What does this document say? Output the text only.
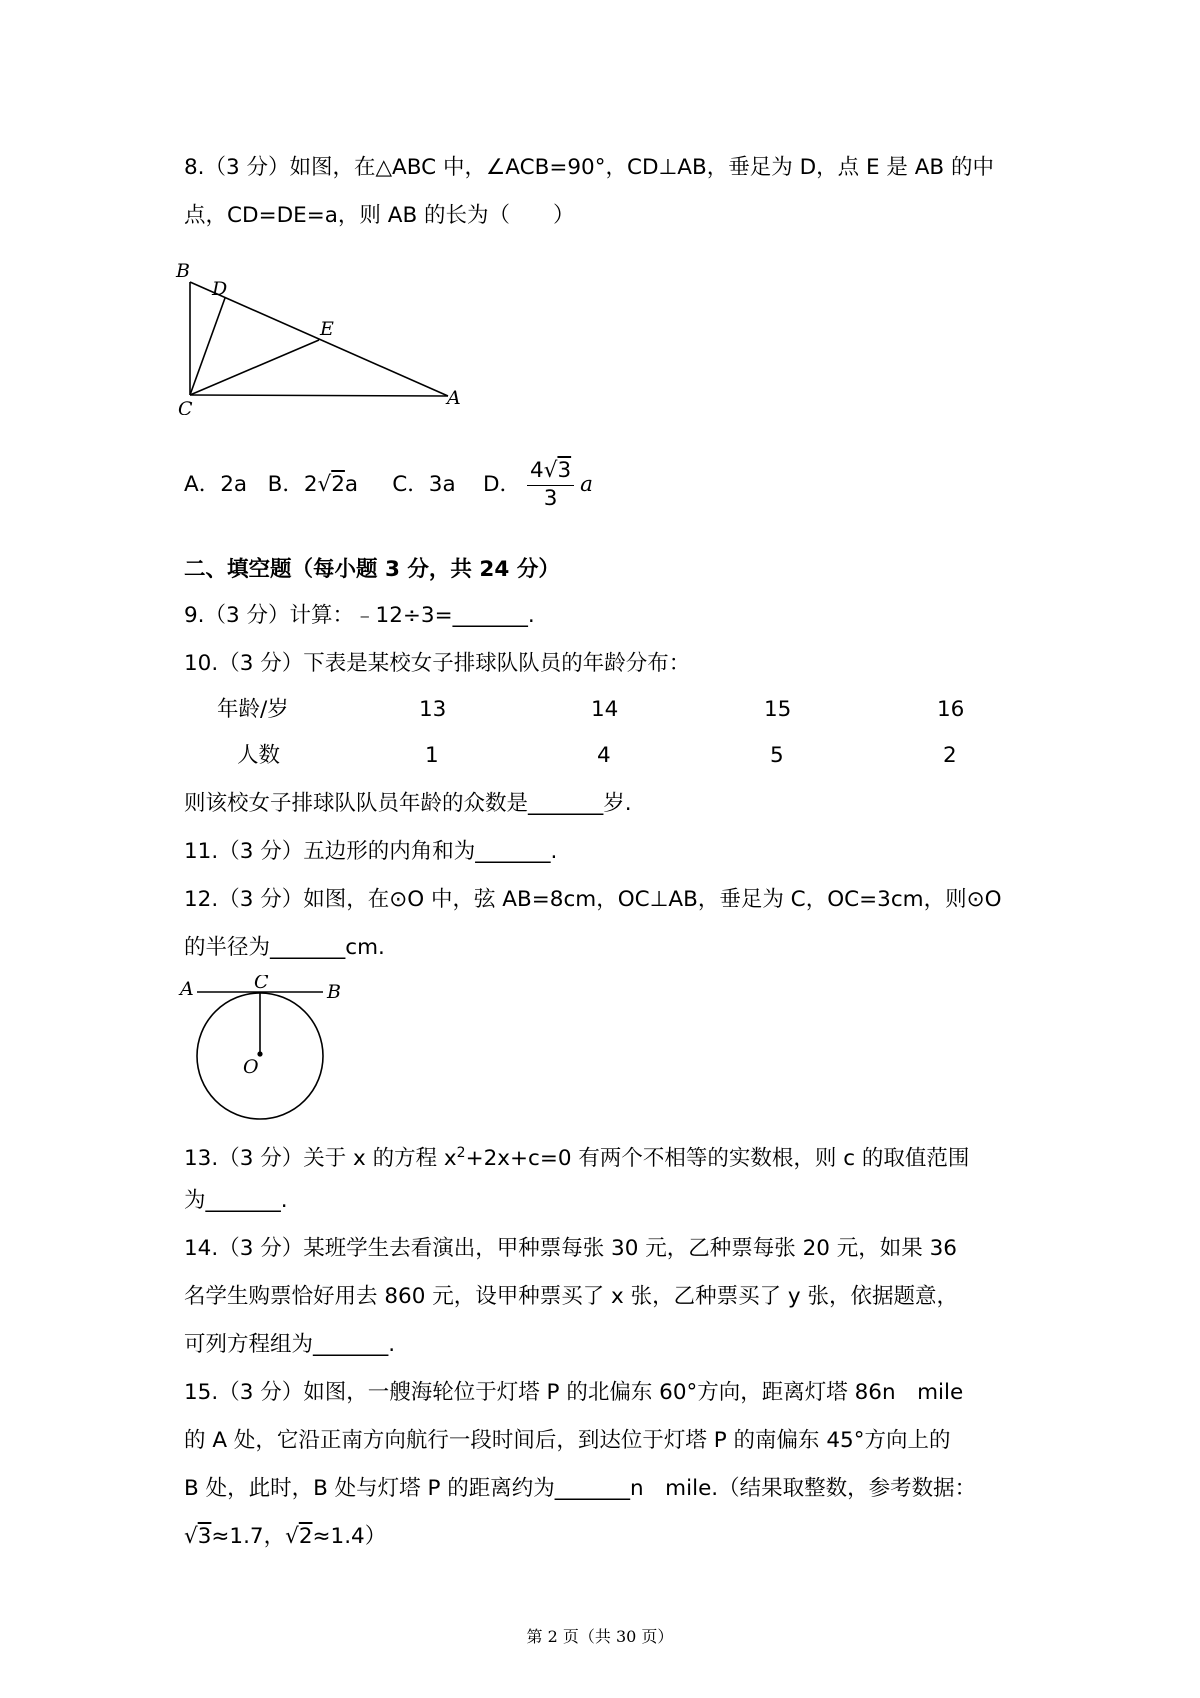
8.（3 分）如图，在△ABC 中，∠ACB=90°，CD⊥AB，垂足为 D，点 E 是 AB 的中
点，CD=DE=a，则 AB 的长为（　　）
B
D
E
C	A
A．2a B．2√2a C．3a D． $\frac{4√3}{3}$ a
二、填空题（每小题 3 分，共 24 分）
9.（3 分）计算：﹣12÷3=_______.
10.（3 分）下表是某校女子排球队队员的年龄分布：
年龄/岁	13	14	15	16
人数	1	4	5	2
则该校女子排球队队员年龄的众数是_______岁.
11.（3 分）五边形的内角和为_______.
12.（3 分）如图，在⊙O 中，弦 AB=8cm，OC⊥AB，垂足为 C，OC=3cm，则⊙O
的半径为_______cm.
A	C	B
O
13.（3 分）关于 x 的方程 $x^2+2x+c=0$ 有两个不相等的实数根，则 c 的取值范围
为_______.
14.（3 分）某班学生去看演出，甲种票每张 30 元，乙种票每张 20 元，如果 36
名学生购票恰好用去 860 元，设甲种票买了 x 张，乙种票买了 y 张，依据题意，
可列方程组为_______.
15.（3 分）如图，一艘海轮位于灯塔 P 的北偏东 60°方向，距离灯塔 86n　mile
的 A 处，它沿正南方向航行一段时间后，到达位于灯塔 P 的南偏东 45°方向上的
B 处，此时，B 处与灯塔 P 的距离约为_______n　mile.（结果取整数，参考数据：
√3≈1.7，√2≈1.4）
第 2 页（共 30 页）
